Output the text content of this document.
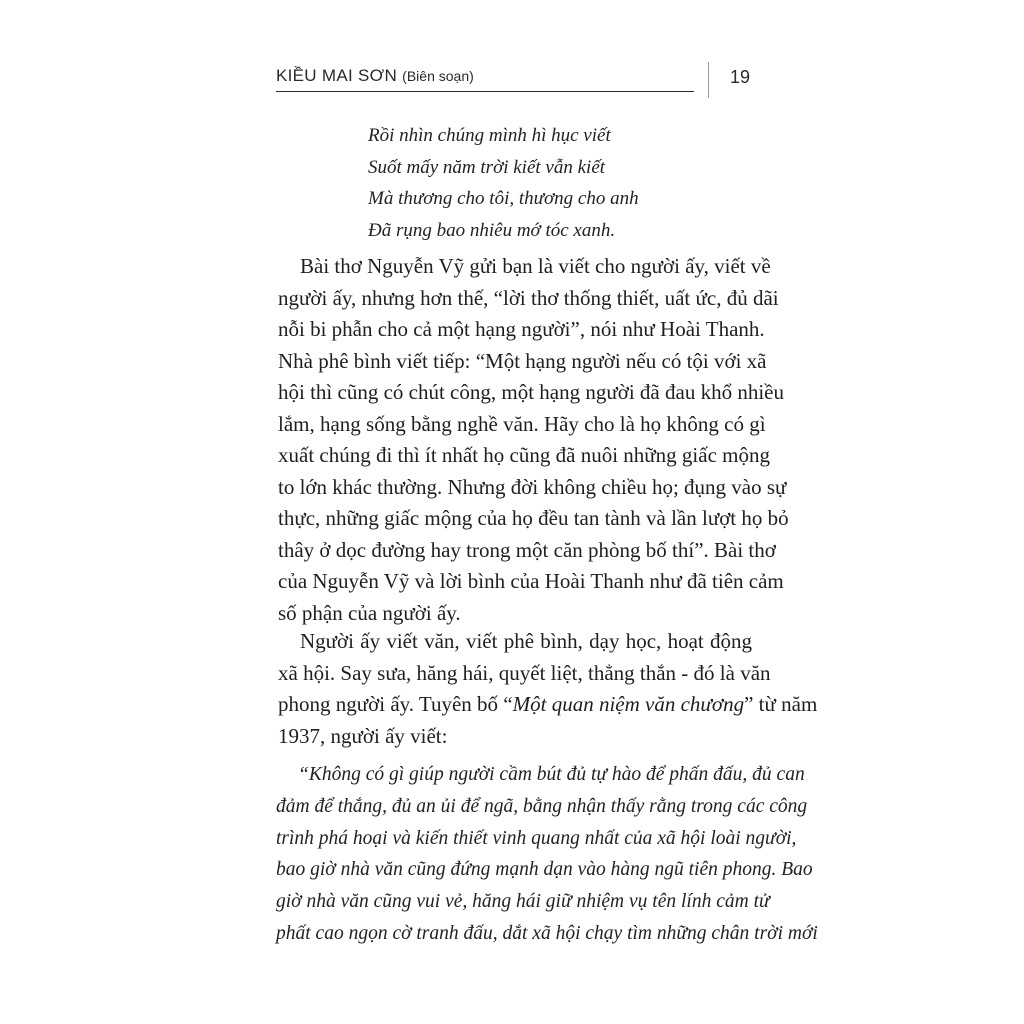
KIỀU MAI SƠN (Biên soạn)	19
Rồi nhìn chúng mình hì hục viết
Suốt mấy năm trời kiết vẫn kiết
Mà thương cho tôi, thương cho anh
Đã rụng bao nhiêu mớ tóc xanh.
Bài thơ Nguyễn Vỹ gửi bạn là viết cho người ấy, viết về
người ấy, nhưng hơn thế, “lời thơ thống thiết, uất ức, đủ dãi
nỗi bi phẫn cho cả một hạng người”, nói như Hoài Thanh.
Nhà phê bình viết tiếp: “Một hạng người nếu có tội với xã
hội thì cũng có chút công, một hạng người đã đau khổ nhiều
lắm, hạng sống bằng nghề văn. Hãy cho là họ không có gì
xuất chúng đi thì ít nhất họ cũng đã nuôi những giấc mộng
to lớn khác thường. Nhưng đời không chiều họ; đụng vào sự
thực, những giấc mộng của họ đều tan tành và lần lượt họ bỏ
thây ở dọc đường hay trong một căn phòng bố thí”. Bài thơ
của Nguyễn Vỹ và lời bình của Hoài Thanh như đã tiên cảm
số phận của người ấy.
Người ấy viết văn, viết phê bình, dạy học, hoạt động
xã hội. Say sưa, hăng hái, quyết liệt, thẳng thắn - đó là văn
phong người ấy. Tuyên bố “Một quan niệm văn chương” từ năm
1937, người ấy viết:
“Không có gì giúp người cầm bút đủ tự hào để phấn đấu, đủ can
đảm để thắng, đủ an ủi để ngã, bằng nhận thấy rằng trong các công
trình phá hoại và kiến thiết vinh quang nhất của xã hội loài người,
bao giờ nhà văn cũng đứng mạnh dạn vào hàng ngũ tiên phong. Bao
giờ nhà văn cũng vui vẻ, hăng hái giữ nhiệm vụ tên lính cảm tử
phất cao ngọn cờ tranh đấu, dắt xã hội chạy tìm những chân trời mới
